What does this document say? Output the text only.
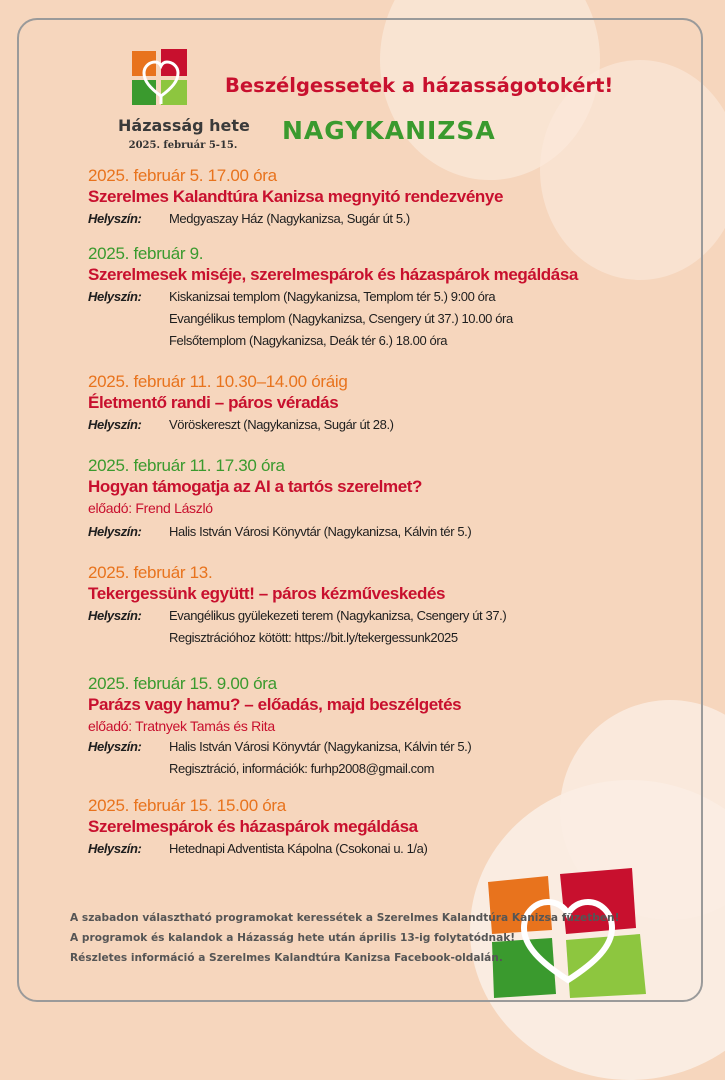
Házasság hete
2025. február 5-15.
Beszélgessetek a házasságotokért!
NAGYKANIZSA
2025. február 5. 17.00 óra
Szerelmes Kalandtúra Kanizsa megnyitó rendezvénye
Helyszín:	Medgyaszay Ház (Nagykanizsa, Sugár út 5.)
2025. február 9.
Szerelmesek miséje, szerelmespárok és házaspárok megáldása
Helyszín:	Kiskanizsai templom (Nagykanizsa, Templom tér 5.) 9:00 óra
Evangélikus templom (Nagykanizsa, Csengery út 37.) 10.00 óra
Felsőtemplom (Nagykanizsa, Deák tér 6.) 18.00 óra
2025. február 11. 10.30–14.00 óráig
Életmentő randi – páros véradás
Helyszín:	Vöröskereszt (Nagykanizsa, Sugár út 28.)
2025. február 11. 17.30 óra
Hogyan támogatja az AI a tartós szerelmet?
előadó: Frend László
Helyszín:	Halis István Városi Könyvtár (Nagykanizsa, Kálvin tér 5.)
2025. február 13.
Tekergessünk együtt! – páros kézműveskedés
Helyszín:	Evangélikus gyülekezeti terem (Nagykanizsa, Csengery út 37.)
Regisztrációhoz kötött: https://bit.ly/tekergessunk2025
2025. február 15. 9.00 óra
Parázs vagy hamu? – előadás, majd beszélgetés
előadó: Tratnyek Tamás és Rita
Helyszín:	Halis István Városi Könyvtár (Nagykanizsa, Kálvin tér 5.)
Regisztráció, információk: furhp2008@gmail.com
2025. február 15. 15.00 óra
Szerelmespárok és házaspárok megáldása
Helyszín:	Hetednapi Adventista Kápolna (Csokonai u. 1/a)
A szabadon választható programokat keressétek a Szerelmes Kalandtúra Kanizsa füzetben!
A programok és kalandok a Házasság hete után április 13-ig folytatódnak!
Részletes információ a Szerelmes Kalandtúra Kanizsa Facebook-oldalán.
